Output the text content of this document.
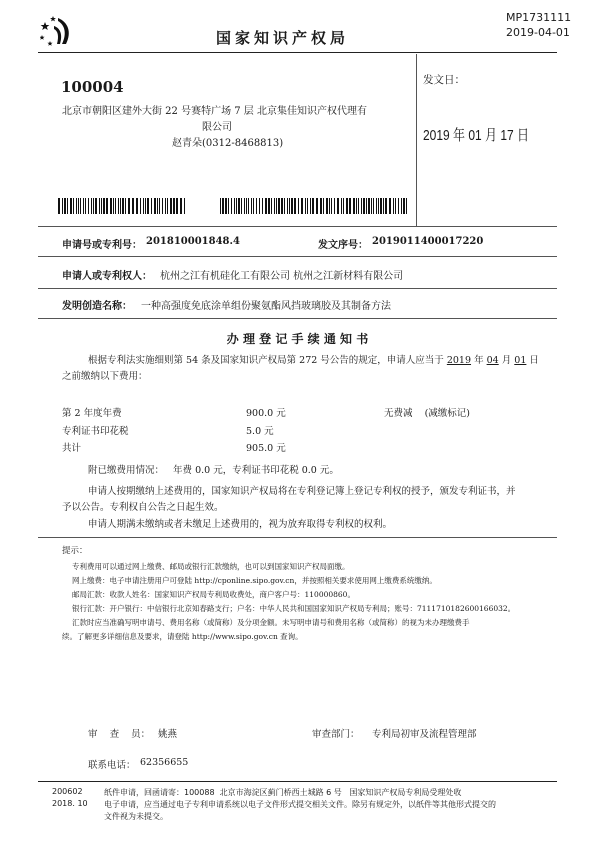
国家知识产权局
MP1731111
2019-04-01
100004
北京市朝阳区建外大街 22 号赛特广场 7 层 北京集佳知识产权代理有
限公司
赵青朵(0312-8468813)
发文日：
2019 年 01 月 17 日
申请号或专利号： 201810001848.4	发文序号： 2019011400017220
申请人或专利权人： 杭州之江有机硅化工有限公司 杭州之江新材料有限公司
发明创造名称： 一种高强度免底涂单组份聚氨酯风挡玻璃胶及其制备方法
办 理 登 记 手 续 通 知 书
根据专利法实施细则第 54 条及国家知识产权局第 272 号公告的规定，申请人应当于 2019 年 04 月 01 日
之前缴纳以下费用：
第 2 年度年费	900.0 元	无费减    (减缴标记)
专利证书印花税	5.0 元
共计	905.0 元
附已缴费用情况：   年费 0.0 元，专利证书印花税 0.0 元。
申请人按期缴纳上述费用的，国家知识产权局将在专利登记簿上登记专利权的授予，颁发专利证书，并
予以公告。专利权自公告之日起生效。
申请人期满未缴纳或者未缴足上述费用的，视为放弃取得专利权的权利。
提示：
专利费用可以通过网上缴费、邮局或银行汇款缴纳，也可以到国家知识产权局面缴。
网上缴费：电子申请注册用户可登陆 http://cponline.sipo.gov.cn，并按照相关要求使用网上缴费系统缴纳。
邮局汇款：收款人姓名：国家知识产权局专利局收费处，商户客户号：110000860。
银行汇款：开户银行：中信银行北京知春路支行；户名：中华人民共和国国家知识产权局专利局；账号：7111710182600166032。
汇款时应当准确写明申请号、费用名称（或简称）及分项金额。未写明申请号和费用名称（或简称）的视为未办理缴费手
续。了解更多详细信息及要求，请登陆 http://www.sipo.gov.cn 查询。
审    查    员： 姚燕	审查部门： 专利局初审及流程管理部
联系电话： 62356655
200602
2018. 10
纸件申请，回函请寄：100088  北京市海淀区蓟门桥西土城路 6 号   国家知识产权局专利局受理处收
电子申请，应当通过电子专利申请系统以电子文件形式提交相关文件。除另有规定外，以纸件等其他形式提交的
文件视为未提交。
